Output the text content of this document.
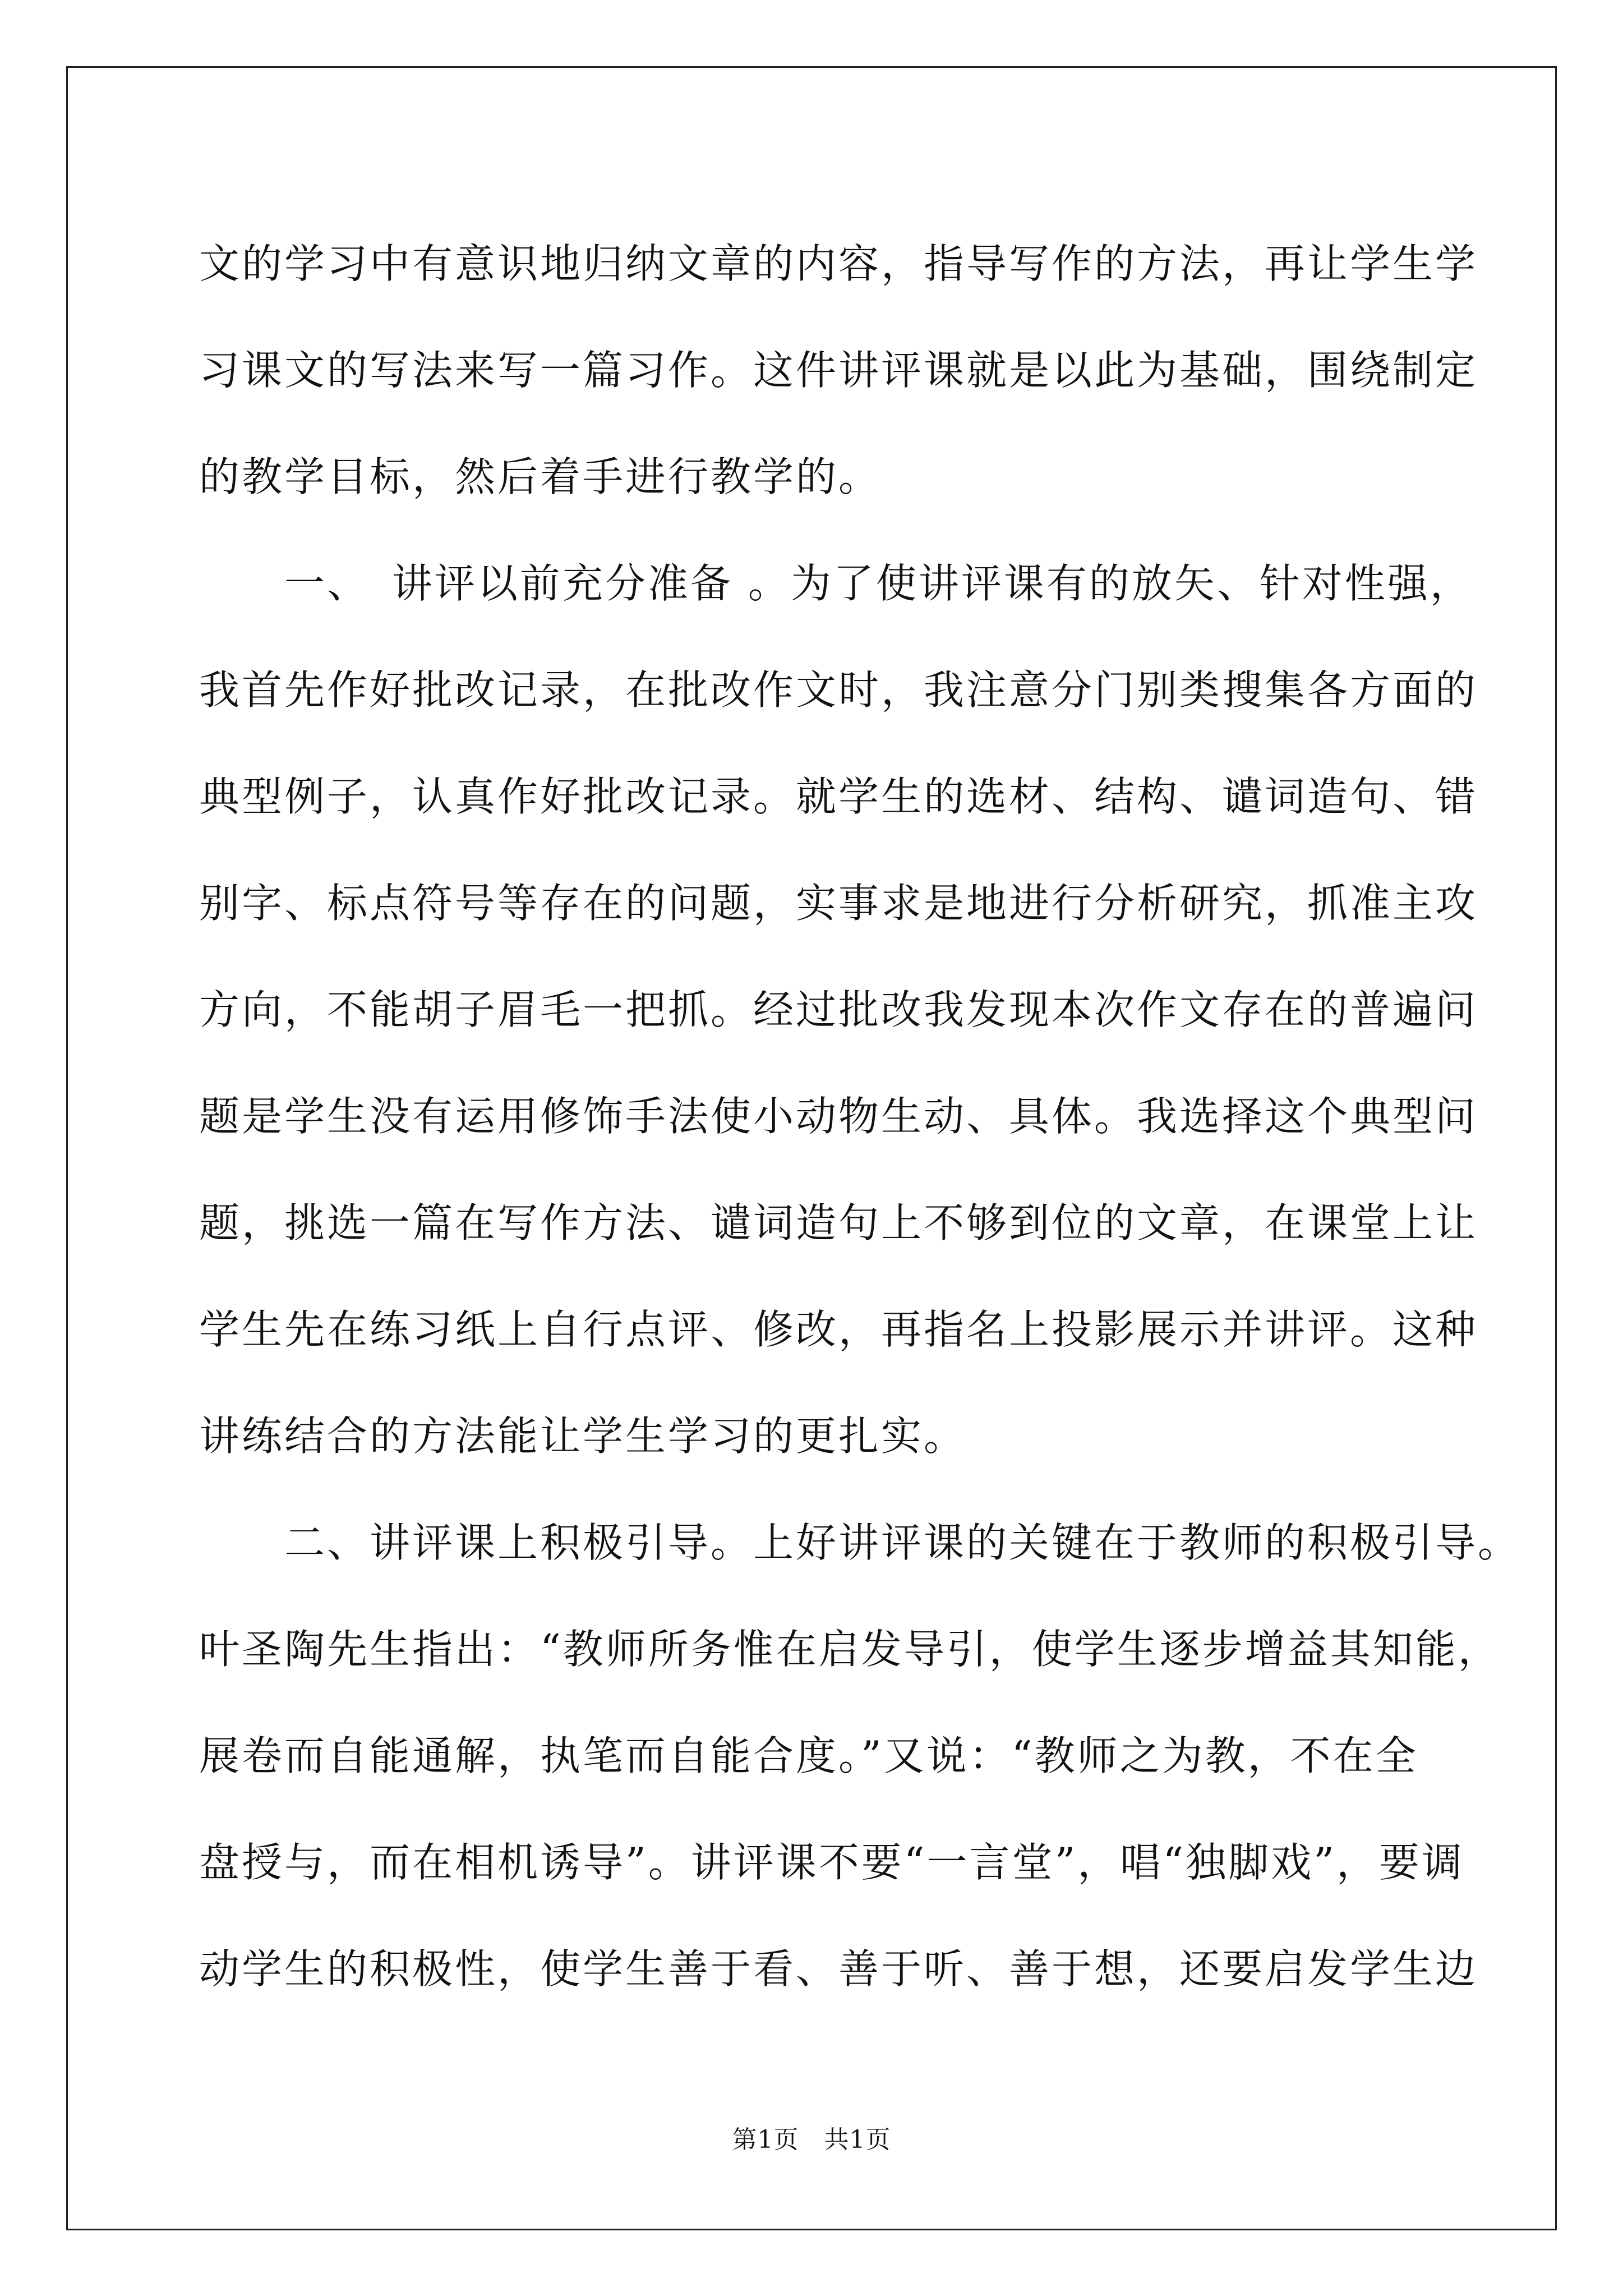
文的学习中有意识地归纳文章的内容，指导写作的方法，再让学生学
习课文的写法来写一篇习作。这件讲评课就是以此为基础，围绕制定
的教学目标，然后着手进行教学的。
　　一、　讲评以前充分准备 。为了使讲评课有的放矢、针对性强，
我首先作好批改记录，在批改作文时，我注意分门别类搜集各方面的
典型例子，认真作好批改记录。就学生的选材、结构、谴词造句、错
别字、标点符号等存在的问题，实事求是地进行分析研究，抓准主攻
方向，不能胡子眉毛一把抓。经过批改我发现本次作文存在的普遍问
题是学生没有运用修饰手法使小动物生动、具体。我选择这个典型问
题，挑选一篇在写作方法、谴词造句上不够到位的文章，在课堂上让
学生先在练习纸上自行点评、修改，再指名上投影展示并讲评。这种
讲练结合的方法能让学生学习的更扎实。
　　二、讲评课上积极引导。上好讲评课的关键在于教师的积极引导。
叶圣陶先生指出：“教师所务惟在启发导引，使学生逐步增益其知能，
展卷而自能通解，执笔而自能合度。”又说：“教师之为教，不在全
盘授与，而在相机诱导”。讲评课不要“一言堂”，唱“独脚戏”，要调
动学生的积极性，使学生善于看、善于听、善于想，还要启发学生边
第1页　共1页
